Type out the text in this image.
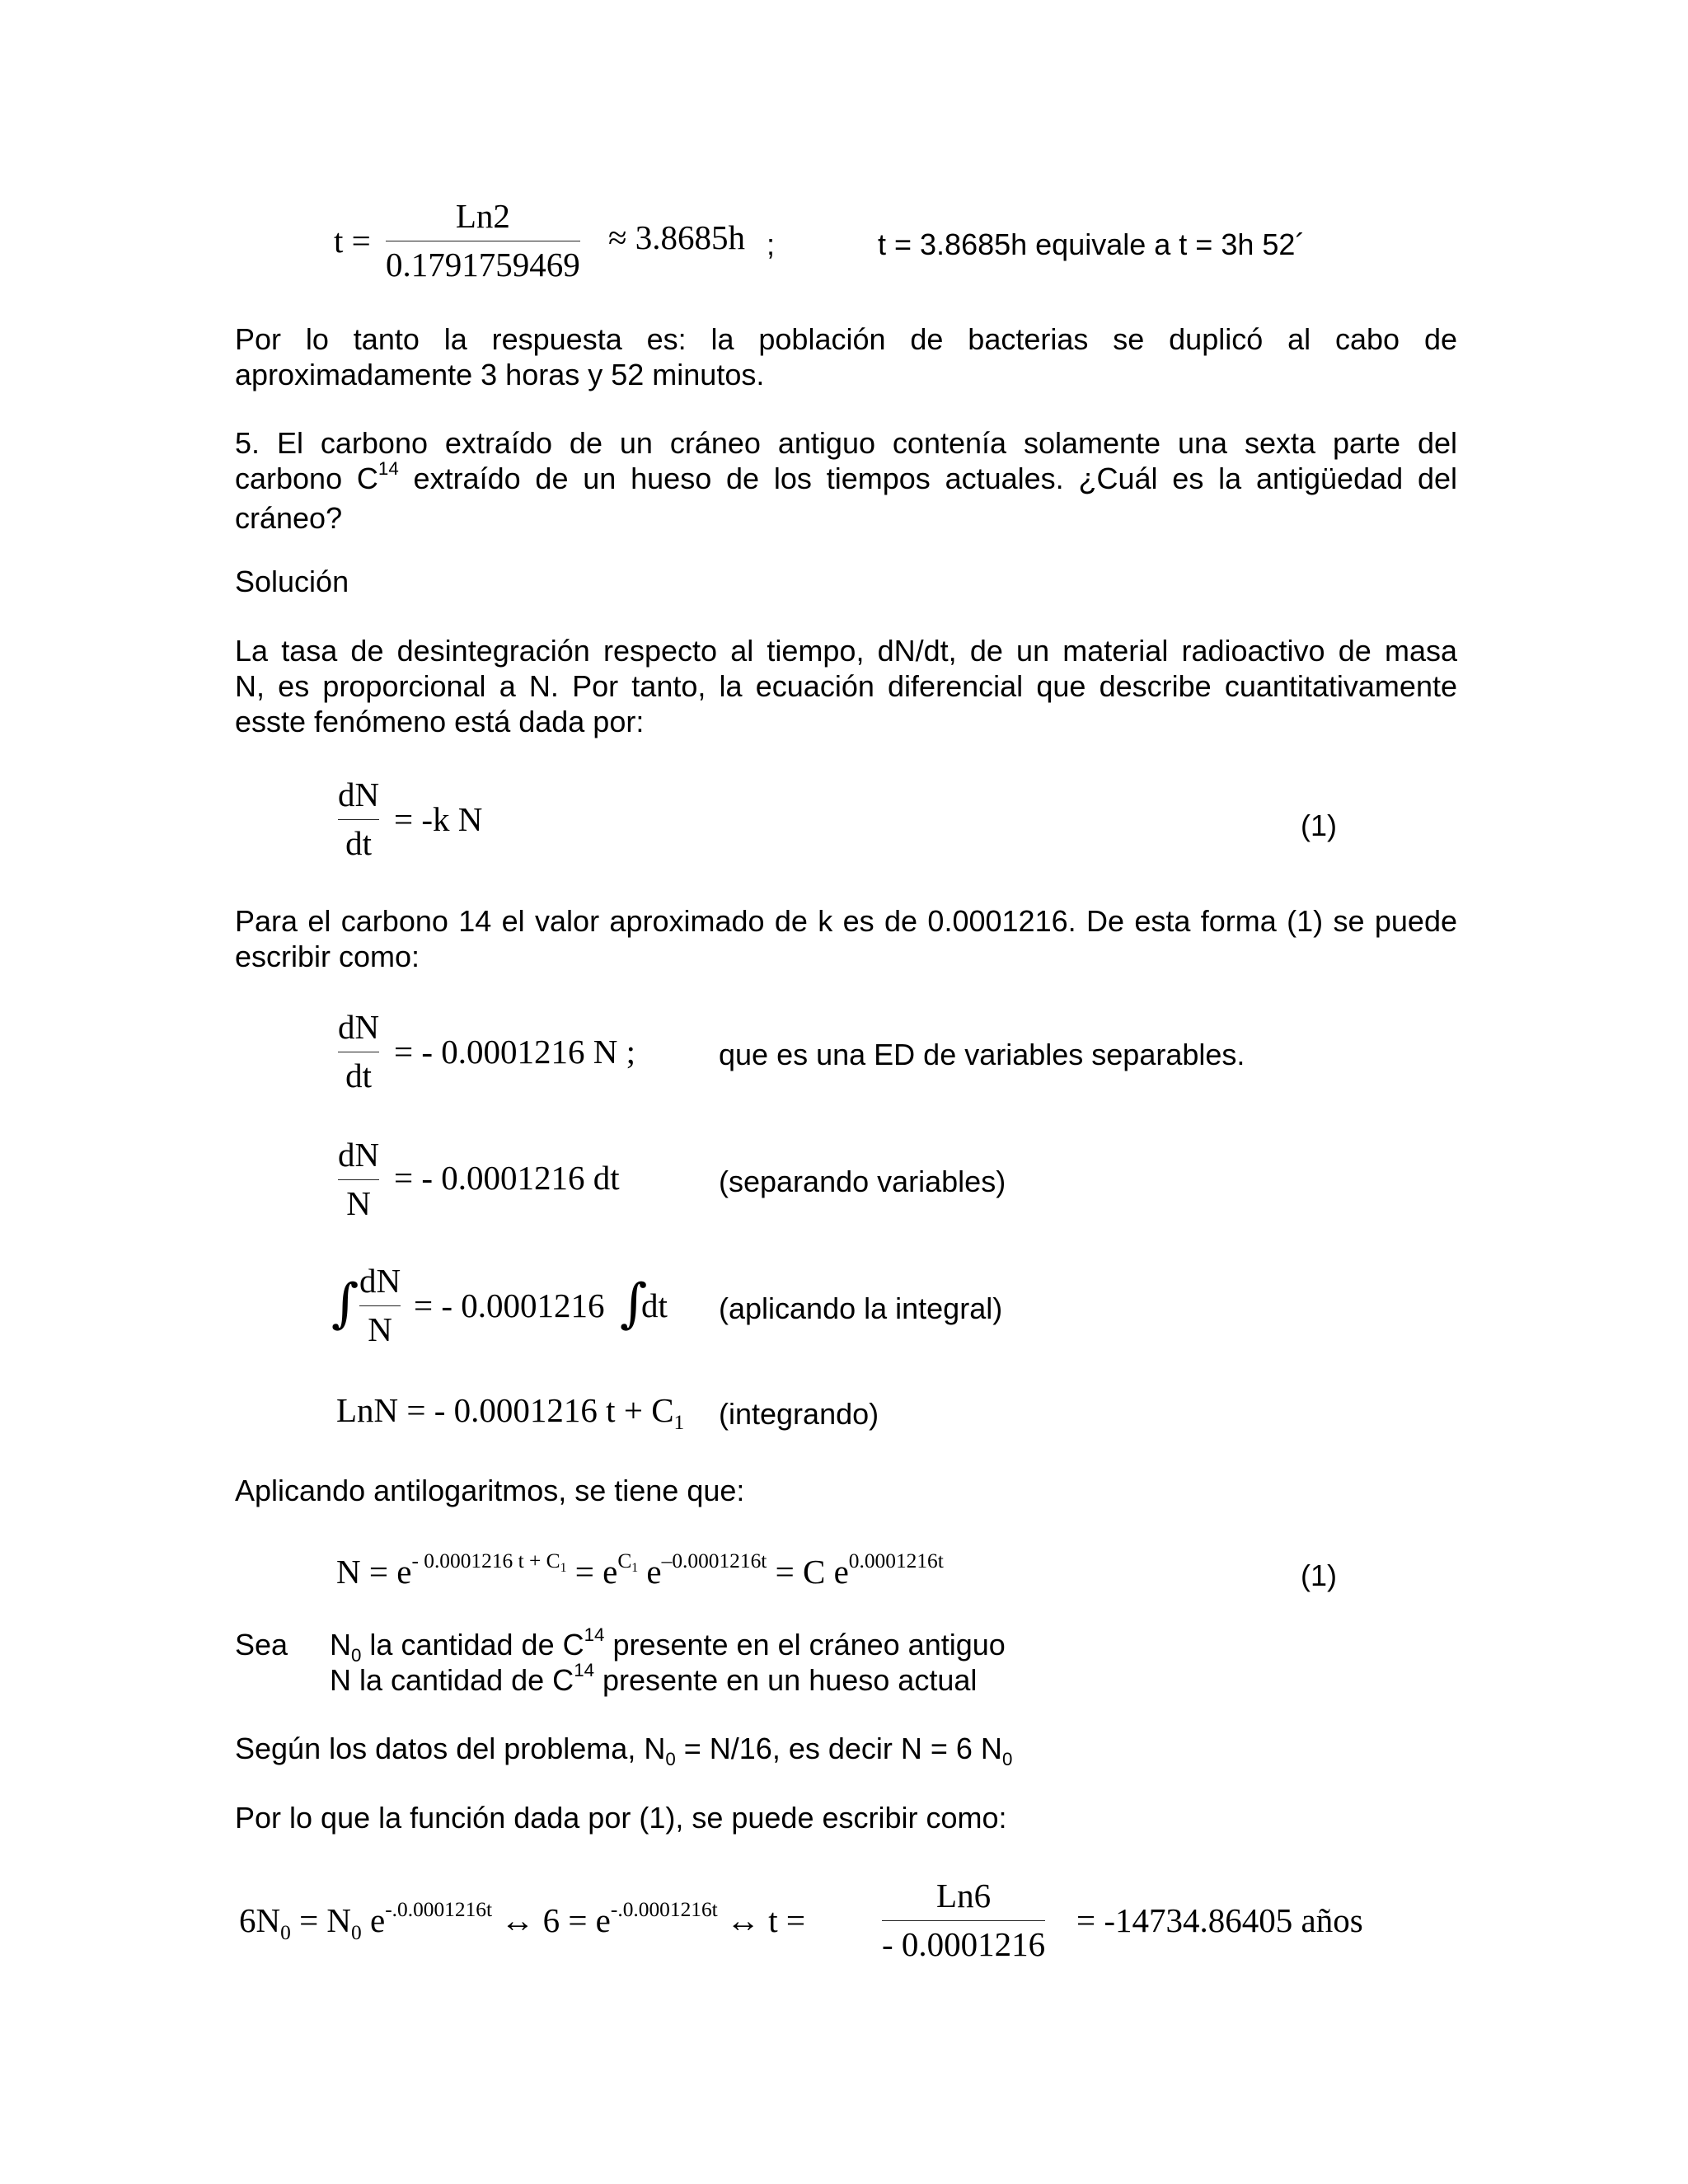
t =
Ln2
0.1791759469
≈ 3.8685h ;	t = 3.8685h equivale a t = 3h 52´
Por lo tanto la respuesta es: la población de bacterias se duplicó al cabo de
aproximadamente 3 horas y 52 minutos.
5. El carbono extraído de un cráneo antiguo contenía solamente una sexta parte del
carbono $C^{14}$ extraído de un hueso de los tiempos actuales. ¿Cuál es la antigüedad del
cráneo?
Solución
La tasa de desintegración respecto al tiempo, dN/dt, de un material radioactivo de masa
N, es proporcional a N. Por tanto, la ecuación diferencial que describe cuantitativamente
esste fenómeno está dada por:
dN
dt
= -k N	(1)
Para el carbono 14 el valor aproximado de k es de 0.0001216. De esta forma (1) se puede
escribir como:
dN
dt
= - 0.0001216 N ;	que es una ED de variables separables.
dN
N
= - 0.0001216 dt	(separando variables)
∫ dN
N
= - 0.0001216 ∫
dt (aplicando la integral)
LnN = - 0.0001216 $t + C_1$ (integrando)
Aplicando antilogaritmos, se tiene que:
$N = e^{- 0.0001216 t + C_1} = e^{C_1}$ $e^{-0.0001216t} = C$ $e^{0.0001216t}$	(1)
Sea $N_0$ la cantidad de $C^{14}$ presente en el cráneo antiguo
N la cantidad de $C^{14}$ presente en un hueso actual
Según los datos del problema, $N_0 = N/16$, es decir N = 6 $N_0$
Por lo que la función dada por (1), se puede escribir como:
$6N_0 = N_0$ $e^{-.0.0001216t}$ ↔ $6 = e^{-.0.0001216t}$ ↔ t =
Ln6
- 0.0001216
= -14734.86405 años
